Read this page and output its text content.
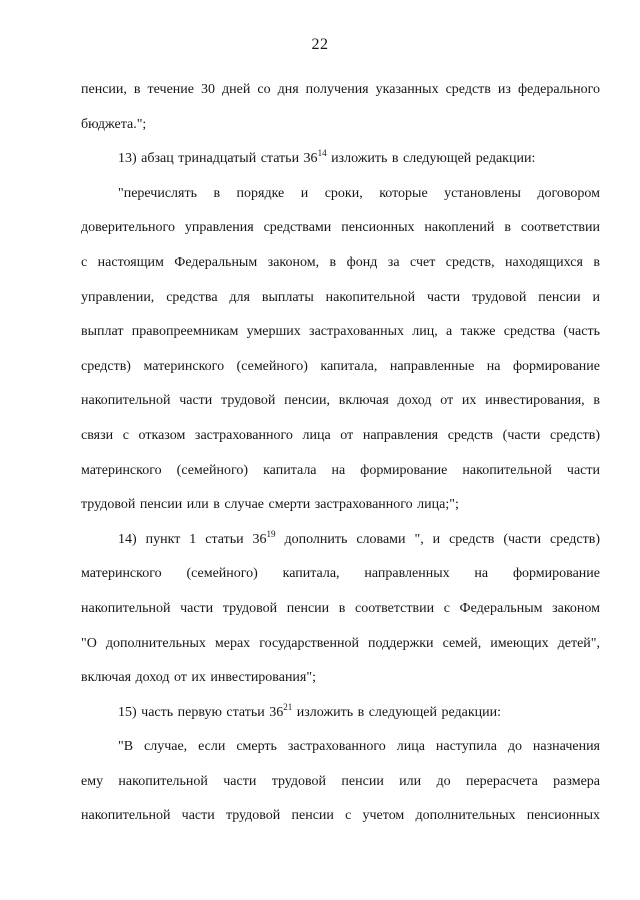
22
пенсии, в течение 30 дней со дня получения указанных средств из федерального
бюджета.";
13) абзац тринадцатый статьи $36^{14}$ изложить в следующей редакции:
"перечислять в порядке и сроки, которые установлены договором
доверительного управления средствами пенсионных накоплений в соответствии
с настоящим Федеральным законом, в фонд за счет средств, находящихся в
управлении, средства для выплаты накопительной части трудовой пенсии и
выплат правопреемникам умерших застрахованных лиц, а также средства (часть
средств) материнского (семейного) капитала, направленные на формирование
накопительной части трудовой пенсии, включая доход от их инвестирования, в
связи с отказом застрахованного лица от направления средств (части средств)
материнского (семейного) капитала на формирование накопительной части
трудовой пенсии или в случае смерти застрахованного лица;";
14) пункт 1 статьи $36^{19}$ дополнить словами ", и средств (части средств)
материнского (семейного) капитала, направленных на формирование
накопительной части трудовой пенсии в соответствии с Федеральным законом
"О дополнительных мерах государственной поддержки семей, имеющих детей",
включая доход от их инвестирования";
15) часть первую статьи $36^{21}$ изложить в следующей редакции:
"В случае, если смерть застрахованного лица наступила до назначения
ему накопительной части трудовой пенсии или до перерасчета размера
накопительной части трудовой пенсии с учетом дополнительных пенсионных
